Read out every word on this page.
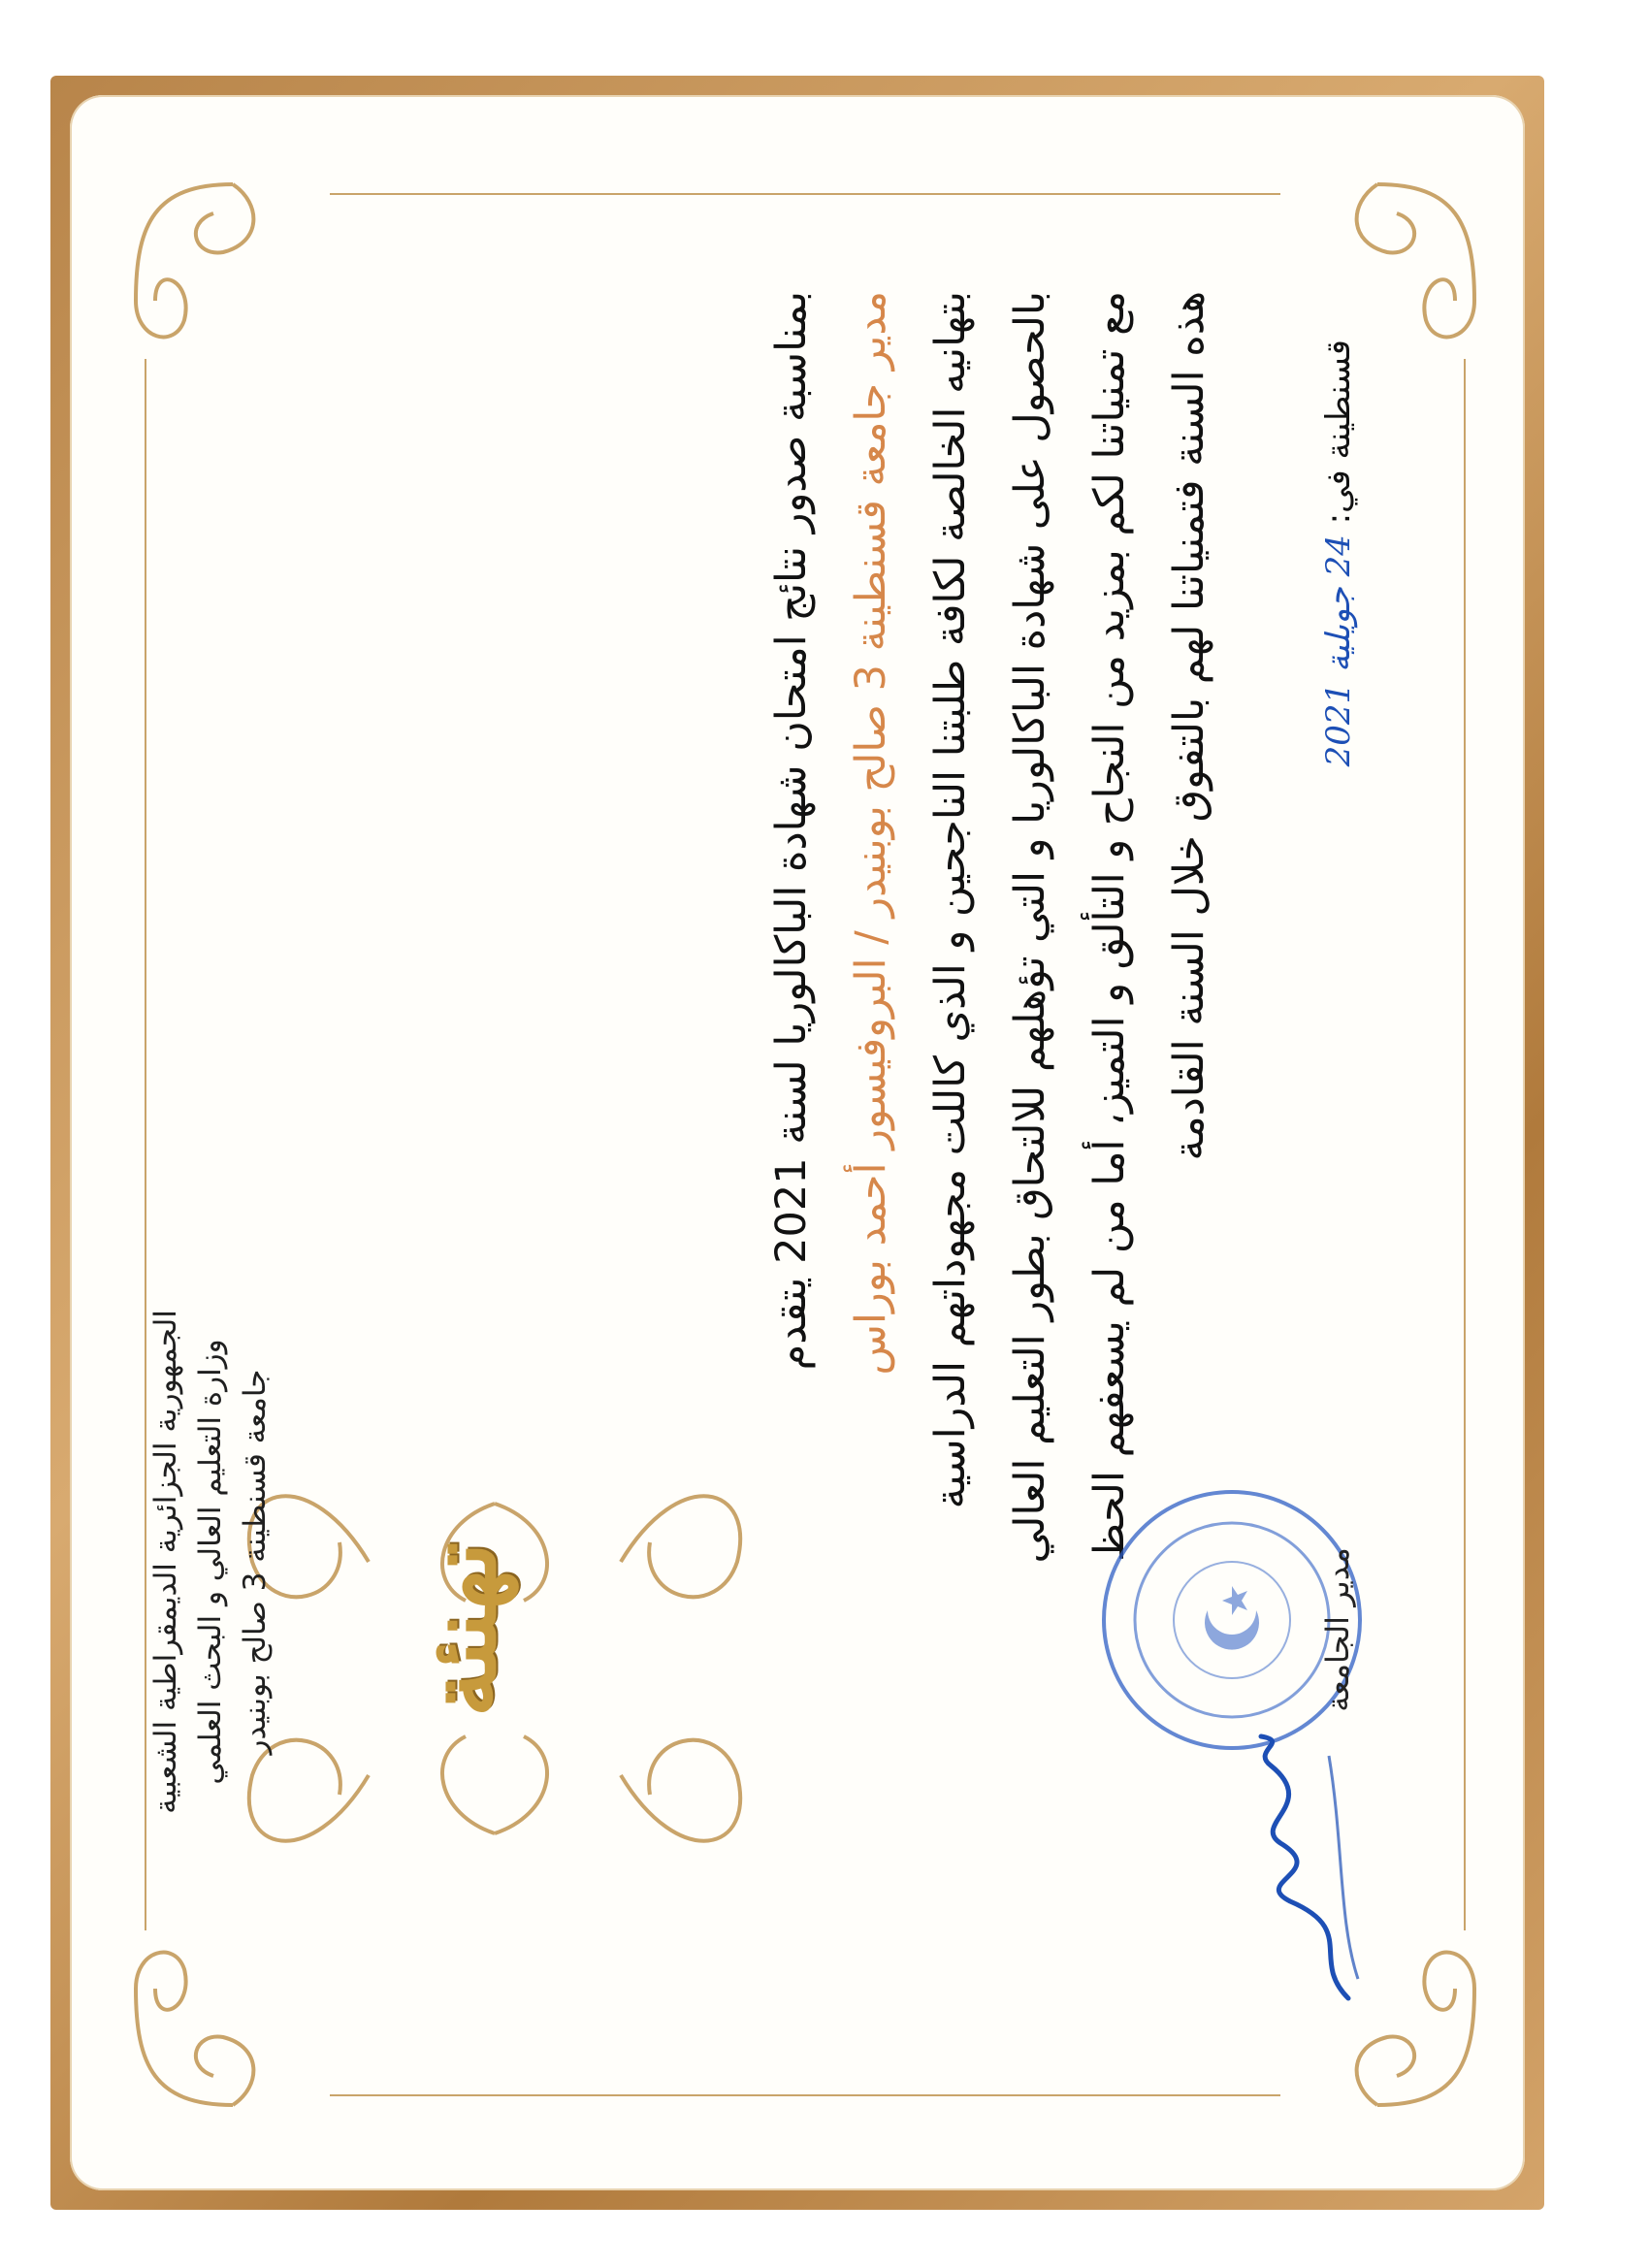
الجمهورية الجزائرية الديمقراطية الشعبية وزارة التعليم العالي و البحث العلمي جامعة قسنطينة 3 صالح بوبنيدر
تهنئة
بمناسبة صدور نتائج امتحان شهادة الباكالوريا لسنة 2021 يتقدم مدير جامعة قسنطينة 3 صالح بوبنيدر / البروفيسور أحمد بوراس بتهانيه الخالصة لكافة طلبتنا الناجحين و الذي كاللت مجهوداتهم الدراسية بالحصول على شهادة الباكالوريا و التي تؤهلهم للالتحاق بطور التعليم العالي مع تمنياتنا لكم بمزيد من النجاح و التألق و التميز، أما من لم يسعفهم الحظ هذه السنة فتمنياتنا لهم بالتفوق خلال السنة القادمة	قسنطينة في: 24 جويلية 2021
مدير الجامعة
